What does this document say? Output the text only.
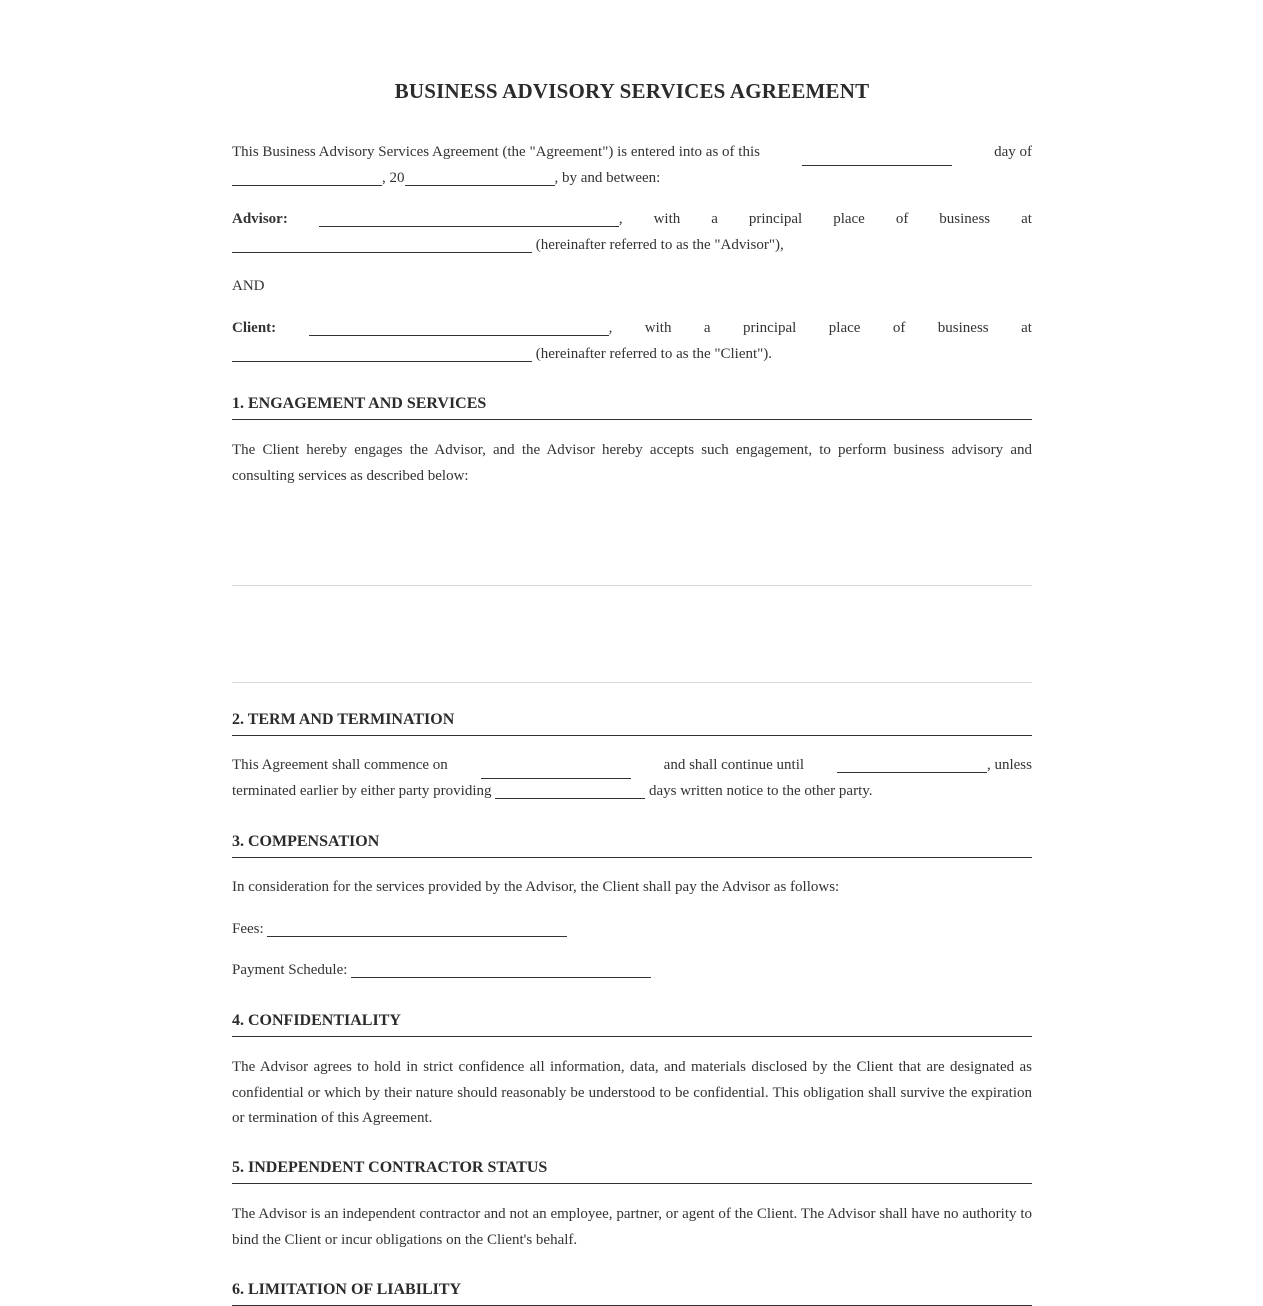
BUSINESS ADVISORY SERVICES AGREEMENT
This Business Advisory Services Agreement (the "Agreement") is entered into as of this	day of
, 20	, by and between:
Advisor:	, with a principal place of business at
(hereinafter referred to as the "Advisor"),
AND
Client:	, with a principal place of business at
(hereinafter referred to as the "Client").
1. ENGAGEMENT AND SERVICES
The Client hereby engages the Advisor, and the Advisor hereby accepts such engagement, to perform business advisory and consulting services as described below:
2. TERM AND TERMINATION
This Agreement shall commence on	and shall continue until	, unless
terminated earlier by either party providing	days written notice to the other party.
3. COMPENSATION
In consideration for the services provided by the Advisor, the Client shall pay the Advisor as follows:
Fees:
Payment Schedule:
4. CONFIDENTIALITY
The Advisor agrees to hold in strict confidence all information, data, and materials disclosed by the Client that are designated as confidential or which by their nature should reasonably be understood to be confidential. This obligation shall survive the expiration or termination of this Agreement.
5. INDEPENDENT CONTRACTOR STATUS
The Advisor is an independent contractor and not an employee, partner, or agent of the Client. The Advisor shall have no authority to bind the Client or incur obligations on the Client's behalf.
6. LIMITATION OF LIABILITY
